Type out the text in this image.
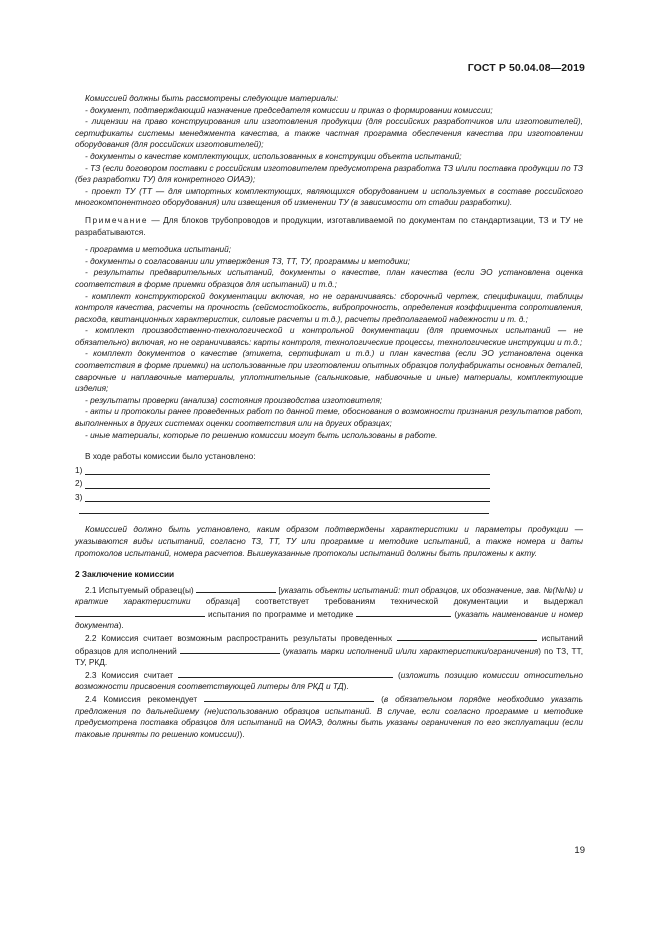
ГОСТ Р 50.04.08—2019

Комиссией должны быть рассмотрены следующие материалы:

- документ, подтверждающий назначение председателя комиссии и приказ о формировании комиссии;

- лицензии на право конструирования или изготовления продукции (для российских разработчиков или изготовителей), сертификаты системы менеджмента качества, а также частная программа обеспечения качества при изготовлении оборудования (для российских изготовителей);

- документы о качестве комплектующих, использованных в конструкции объекта испытаний;

- ТЗ (если договором поставки с российским изготовителем предусмотрена разработка ТЗ и/или поставка продукции по ТЗ (без разработки ТУ) для конкретного ОИАЭ);

- проект ТУ (ТТ — для импортных комплектующих, являющихся оборудованием и используемых в составе российского многокомпонентного оборудования) или извещения об изменении ТУ (в зависимости от стадии разработки).

Примечание — Для блоков трубопроводов и продукции, изготавливаемой по документам по стандартизации, ТЗ и ТУ не разрабатываются.

- программа и методика испытаний;

- документы о согласовании или утверждения ТЗ, ТТ, ТУ, программы и методики;

- результаты предварительных испытаний, документы о качестве, план качества (если ЭО установлена оценка соответствия в форме приемки образцов для испытаний) и т.д.;

- комплект конструкторской документации включая, но не ограничиваясь: сборочный чертеж, спецификации, таблицы контроля качества, расчеты на прочность (сейсмостойкость, вибропрочность, определения коэффициента сопротивления, расхода, квитанционных характеристик, силовые расчеты и т.д.), расчеты предполагаемой надежности и т. д.;

- комплект производственно-технологической и контрольной документации (для приемочных испытаний — не обязательно) включая, но не ограничиваясь: карты контроля, технологические процессы, технологические инструкции и т.д.;

- комплект документов о качестве (этикета, сертификат и т.д.) и план качества (если ЭО установлена оценка соответствия в форме приемки) на использованные при изготовлении опытных образцов полуфабрикаты основных деталей, сварочные и наплавочные материалы, уплотнительные (сальниковые, набивочные и иные) материалы, комплектующие изделия;

- результаты проверки (анализа) состояния производства изготовителя;

- акты и протоколы ранее проведенных работ по данной теме, обоснования о возможности признания результатов работ, выполненных в других системах оценки соответствия или на других образцах;

- иные материалы, которые по решению комиссии могут быть использованы в работе.

В ходе работы комиссии было установлено:

1)
2)
3)

Комиссией должно быть установлено, каким образом подтверждены характеристики и параметры продукции — указываются виды испытаний, согласно ТЗ, ТТ, ТУ или программе и методике испытаний, а также номера и даты протоколов испытаний, номера расчетов. Вышеуказанные протоколы испытаний должны быть приложены к акту.

2 Заключение комиссии

2.1 Испытуемый образец(ы)	[указать объекты испытаний: тип образцов, их обозначение, зав. №(№№) и краткие характеристики образца] соответствует требованиям технической документации и выдержал  испытания по программе и методике	(указать наименование и номер документа).

2.2 Комиссия считает возможным распространить результаты проведенных	испытаний образцов для исполнений	(указать марки исполнений и/или характеристики/ограничения) по ТЗ, ТТ, ТУ, РКД.

2.3 Комиссия считает	(изложить позицию комиссии относительно возможности присвоения соответствующей литеры для РКД и ТД).

2.4 Комиссия рекомендует	(в обязательном порядке необходимо указать предложения по дальнейшему (не)использованию образцов испытаний. В случае, если согласно программе и методике предусмотрена поставка образцов для испытаний на ОИАЭ, должны быть указаны ограничения по его эксплуатации (если таковые приняты по решению комиссии)).

19
